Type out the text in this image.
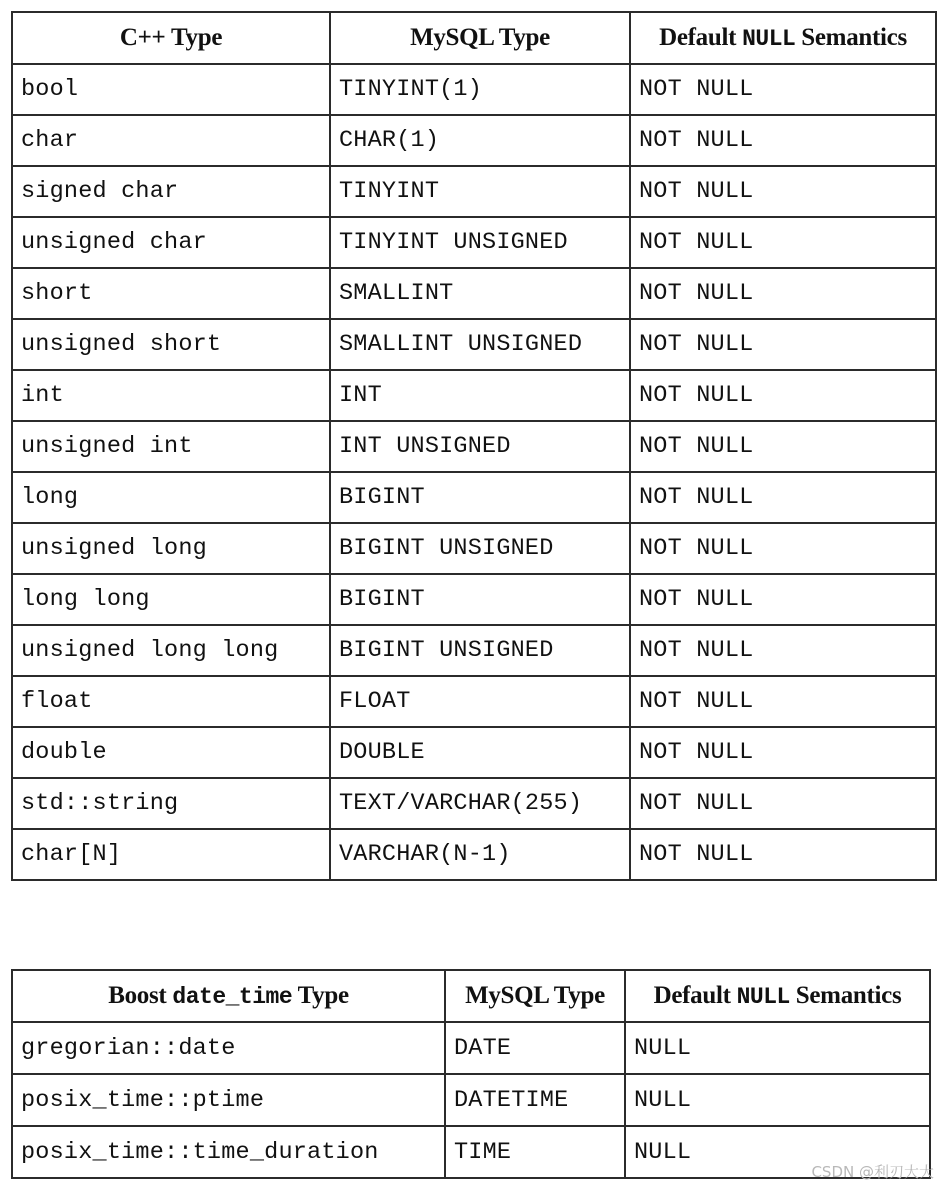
C++ Type	MySQL Type	Default NULL Semantics
bool	TINYINT(1)	NOT NULL
char	CHAR(1)	NOT NULL
signed char	TINYINT	NOT NULL
unsigned char	TINYINT UNSIGNED	NOT NULL
short	SMALLINT	NOT NULL
unsigned short	SMALLINT UNSIGNED	NOT NULL
int	INT	NOT NULL
unsigned int	INT UNSIGNED	NOT NULL
long	BIGINT	NOT NULL
unsigned long	BIGINT UNSIGNED	NOT NULL
long long	BIGINT	NOT NULL
unsigned long long	BIGINT UNSIGNED	NOT NULL
float	FLOAT	NOT NULL
double	DOUBLE	NOT NULL
std::string	TEXT/VARCHAR(255)	NOT NULL
char[N]	VARCHAR(N-1)	NOT NULL
Boost date_time Type	MySQL Type	Default NULL Semantics
gregorian::date	DATE	NULL
posix_time::ptime	DATETIME	NULL
posix_time::time_duration	TIME	NULL
CSDN @利刃大大
